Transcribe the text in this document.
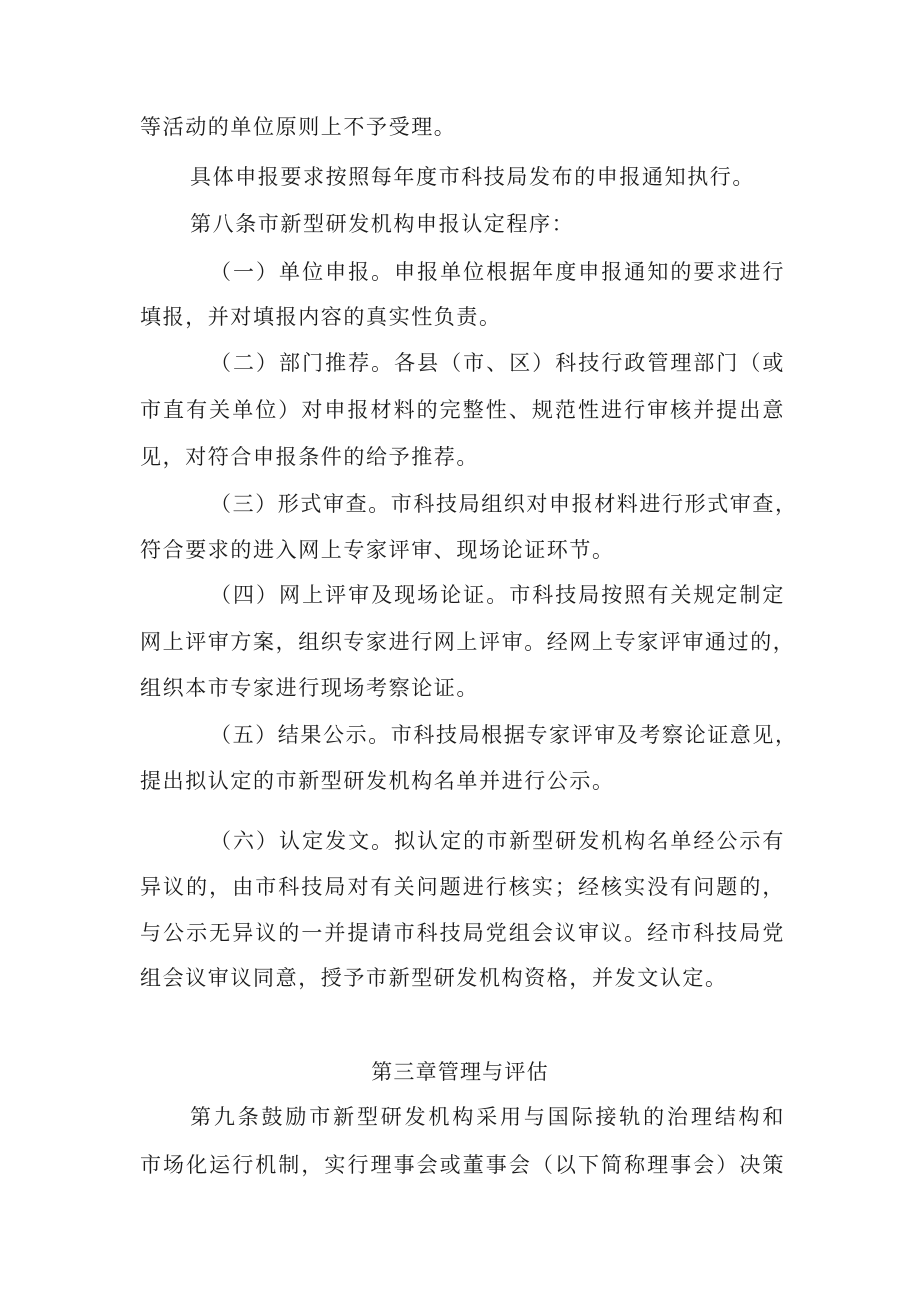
等活动的单位原则上不予受理。
具体申报要求按照每年度市科技局发布的申报通知执行。
第八条市新型研发机构申报认定程序：
（一）单位申报。申报单位根据年度申报通知的要求进行
填报，并对填报内容的真实性负责。
（二）部门推荐。各县（市、区）科技行政管理部门（或
市直有关单位）对申报材料的完整性、规范性进行审核并提出意
见，对符合申报条件的给予推荐。
（三）形式审查。市科技局组织对申报材料进行形式审查，
符合要求的进入网上专家评审、现场论证环节。
（四）网上评审及现场论证。市科技局按照有关规定制定
网上评审方案，组织专家进行网上评审。经网上专家评审通过的，
组织本市专家进行现场考察论证。
（五）结果公示。市科技局根据专家评审及考察论证意见，
提出拟认定的市新型研发机构名单并进行公示。
（六）认定发文。拟认定的市新型研发机构名单经公示有
异议的，由市科技局对有关问题进行核实；经核实没有问题的，
与公示无异议的一并提请市科技局党组会议审议。经市科技局党
组会议审议同意，授予市新型研发机构资格，并发文认定。
第三章管理与评估
第九条鼓励市新型研发机构采用与国际接轨的治理结构和
市场化运行机制，实行理事会或董事会（以下简称理事会）决策
